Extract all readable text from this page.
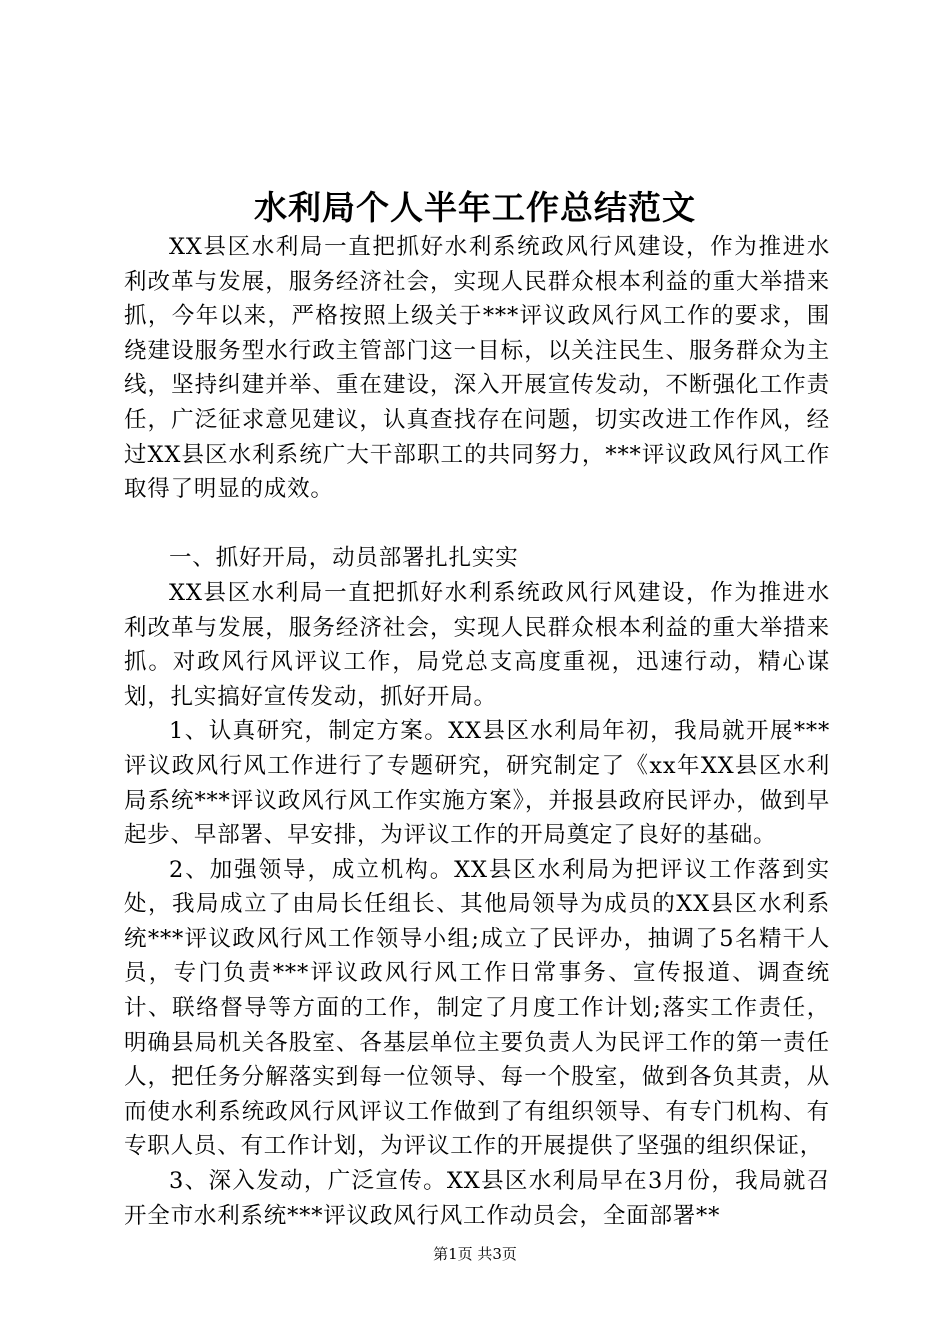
水利局个人半年工作总结范文

XX县区水利局一直把抓好水利系统政风行风建设，作为推进水利改革与发展，服务经济社会，实现人民群众根本利益的重大举措来抓，今年以来，严格按照上级关于***评议政风行风工作的要求，围绕建设服务型水行政主管部门这一目标，以关注民生、服务群众为主线，坚持纠建并举、重在建设，深入开展宣传发动，不断强化工作责任，广泛征求意见建议，认真查找存在问题，切实改进工作作风，经过XX县区水利系统广大干部职工的共同努力，***评议政风行风工作取得了明显的成效。

一、抓好开局，动员部署扎扎实实

XX县区水利局一直把抓好水利系统政风行风建设，作为推进水利改革与发展，服务经济社会，实现人民群众根本利益的重大举措来抓。对政风行风评议工作，局党总支高度重视，迅速行动，精心谋划，扎实搞好宣传发动，抓好开局。

1、认真研究，制定方案。XX县区水利局年初，我局就开展***评议政风行风工作进行了专题研究，研究制定了《xx年XX县区水利局系统***评议政风行风工作实施方案》，并报县政府民评办，做到早起步、早部署、早安排，为评议工作的开局奠定了良好的基础。

2、加强领导，成立机构。XX县区水利局为把评议工作落到实处，我局成立了由局长任组长、其他局领导为成员的XX县区水利系统***评议政风行风工作领导小组;成立了民评办，抽调了5名精干人员，专门负责***评议政风行风工作日常事务、宣传报道、调查统计、联络督导等方面的工作，制定了月度工作计划;落实工作责任，明确县局机关各股室、各基层单位主要负责人为民评工作的第一责任人，把任务分解落实到每一位领导、每一个股室，做到各负其责，从而使水利系统政风行风评议工作做到了有组织领导、有专门机构、有专职人员、有工作计划，为评议工作的开展提供了坚强的组织保证，

3、深入发动，广泛宣传。XX县区水利局早在3月份，我局就召开全市水利系统***评议政风行风工作动员会，全面部署**

第1页 共3页
